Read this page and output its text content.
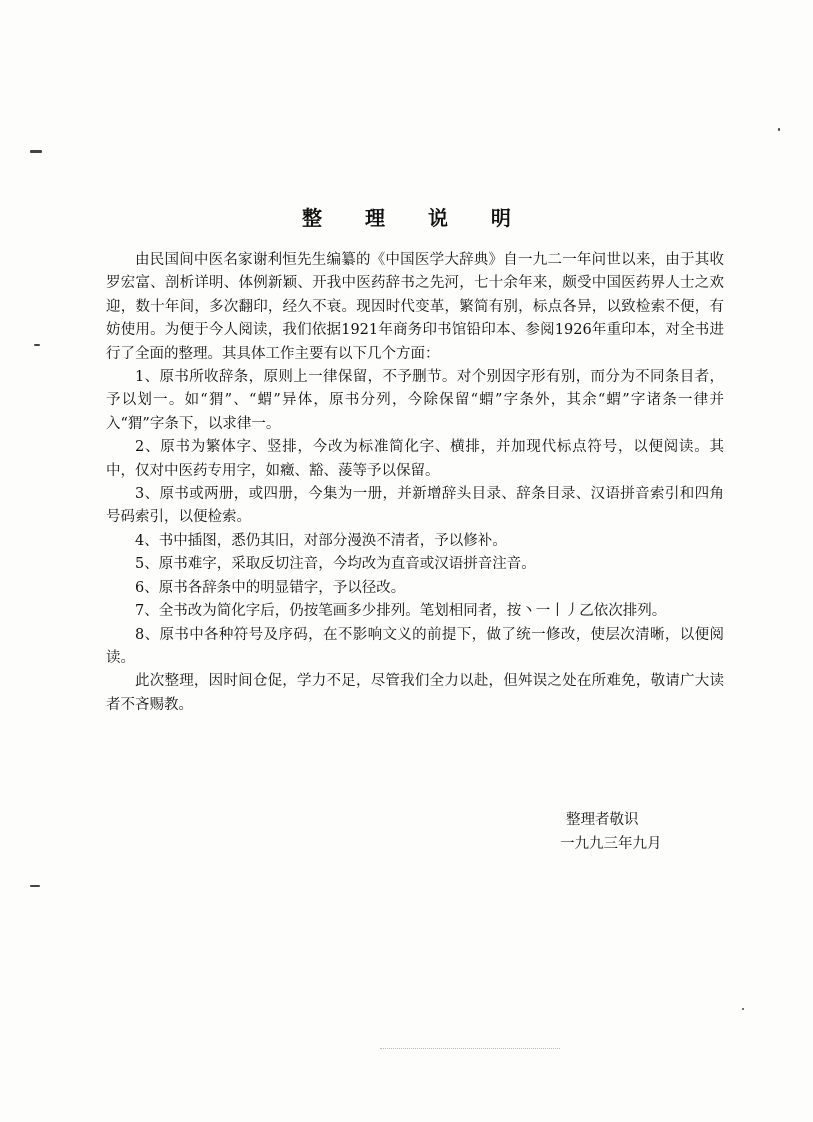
整 理 说 明

由民国间中医名家谢利恒先生编纂的《中国医学大辞典》自一九二一年问世以来，由于其收罗宏富、剖析详明、体例新颖、开我中医药辞书之先河，七十余年来，颇受中国医药界人士之欢迎，数十年间，多次翻印，经久不衰。现因时代变革，繁简有别，标点各异，以致检索不便，有妨使用。为便于今人阅读，我们依据1921年商务印书馆铅印本、参阅1926年重印本，对全书进行了全面的整理。其具体工作主要有以下几个方面：

1、原书所收辞条，原则上一律保留，不予删节。对个别因字形有别，而分为不同条目者，予以划一。如“猬”、“蝟”异体，原书分列，今除保留“蝟”字条外，其余“蝟”字诸条一律并入“猬”字条下，以求律一。

2、原书为繁体字、竖排，今改为标准简化字、横排，并加现代标点符号，以便阅读。其中，仅对中医药专用字，如癥、豁、蔆等予以保留。

3、原书或两册，或四册，今集为一册，并新增辞头目录、辞条目录、汉语拼音索引和四角号码索引，以便检索。

4、书中插图，悉仍其旧，对部分漫涣不清者，予以修补。

5、原书难字，采取反切注音，今均改为直音或汉语拼音注音。

6、原书各辞条中的明显错字，予以径改。

7、全书改为简化字后，仍按笔画多少排列。笔划相同者，按丶一丨丿乙依次排列。

8、原书中各种符号及序码，在不影响文义的前提下，做了统一修改，使层次清晰，以便阅读。

此次整理，因时间仓促，学力不足，尽管我们全力以赴，但舛误之处在所难免，敬请广大读者不吝赐教。

整理者敬识
一九九三年九月
